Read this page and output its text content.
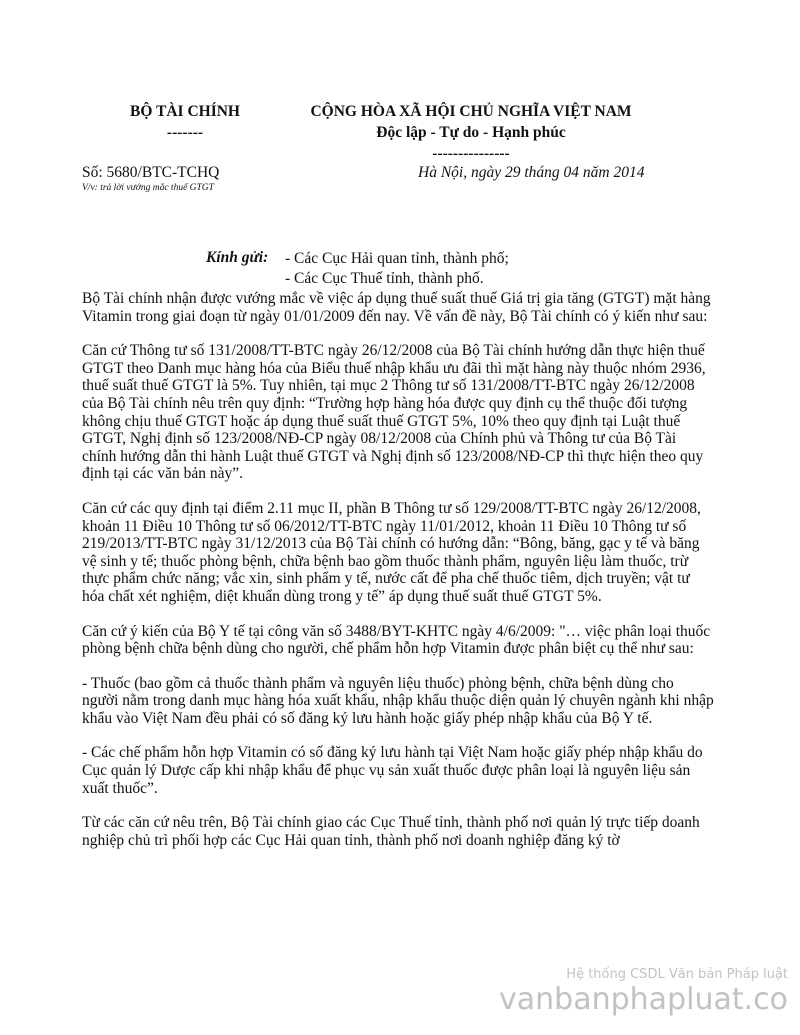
BỘ TÀI CHÍNH
-------
CỘNG HÒA XÃ HỘI CHỦ NGHĨA VIỆT NAM
Độc lập - Tự do - Hạnh phúc
---------------
Số: 5680/BTC-TCHQ
V/v: trả lời vướng mắc thuế GTGT
Hà Nội, ngày 29 tháng 04 năm 2014
Kính gửi: - Các Cục Hải quan tỉnh, thành phố;
- Các Cục Thuế tỉnh, thành phố.

Bộ Tài chính nhận được vướng mắc về việc áp dụng thuế suất thuế Giá trị gia tăng (GTGT) mặt hàng Vitamin trong giai đoạn từ ngày 01/01/2009 đến nay. Về vấn đề này, Bộ Tài chính có ý kiến như sau:

Căn cứ Thông tư số 131/2008/TT-BTC ngày 26/12/2008 của Bộ Tài chính hướng dẫn thực hiện thuế GTGT theo Danh mục hàng hóa của Biểu thuế nhập khẩu ưu đãi thì mặt hàng này thuộc nhóm 2936, thuế suất thuế GTGT là 5%. Tuy nhiên, tại mục 2 Thông tư số 131/2008/TT-BTC ngày 26/12/2008 của Bộ Tài chính nêu trên quy định: “Trường hợp hàng hóa được quy định cụ thể thuộc đối tượng không chịu thuế GTGT hoặc áp dụng thuế suất thuế GTGT 5%, 10% theo quy định tại Luật thuế GTGT, Nghị định số 123/2008/NĐ-CP ngày 08/12/2008 của Chính phủ và Thông tư của Bộ Tài chính hướng dẫn thi hành Luật thuế GTGT và Nghị định số 123/2008/NĐ-CP thì thực hiện theo quy định tại các văn bản này”.

Căn cứ các quy định tại điểm 2.11 mục II, phần B Thông tư số 129/2008/TT-BTC ngày 26/12/2008, khoản 11 Điều 10 Thông tư số 06/2012/TT-BTC ngày 11/01/2012, khoản 11 Điều 10 Thông tư số 219/2013/TT-BTC ngày 31/12/2013 của Bộ Tài chính có hướng dẫn: “Bông, băng, gạc y tế và băng vệ sinh y tế; thuốc phòng bệnh, chữa bệnh bao gồm thuốc thành phẩm, nguyên liệu làm thuốc, trừ thực phẩm chức năng; vắc xin, sinh phẩm y tế, nước cất để pha chế thuốc tiêm, dịch truyền; vật tư hóa chất xét nghiệm, diệt khuẩn dùng trong y tế” áp dụng thuế suất thuế GTGT 5%.

Căn cứ ý kiến của Bộ Y tế tại công văn số 3488/BYT-KHTC ngày 4/6/2009: "… việc phân loại thuốc phòng bệnh chữa bệnh dùng cho người, chế phẩm hỗn hợp Vitamin được phân biệt cụ thể như sau:

- Thuốc (bao gồm cả thuốc thành phẩm và nguyên liệu thuốc) phòng bệnh, chữa bệnh dùng cho người nằm trong danh mục hàng hóa xuất khẩu, nhập khẩu thuộc diện quản lý chuyên ngành khi nhập khẩu vào Việt Nam đều phải có số đăng ký lưu hành hoặc giấy phép nhập khẩu của Bộ Y tế.

- Các chế phẩm hỗn hợp Vitamin có số đăng ký lưu hành tại Việt Nam hoặc giấy phép nhập khẩu do Cục quản lý Dược cấp khi nhập khẩu để phục vụ sản xuất thuốc được phân loại là nguyên liệu sản xuất thuốc”.

Từ các căn cứ nêu trên, Bộ Tài chính giao các Cục Thuế tỉnh, thành phố nơi quản lý trực tiếp doanh nghiệp chủ trì phối hợp các Cục Hải quan tỉnh, thành phố nơi doanh nghiệp đăng ký tờ

Hệ thống CSDL Văn bản Pháp luật
vanbanphapluat.co
